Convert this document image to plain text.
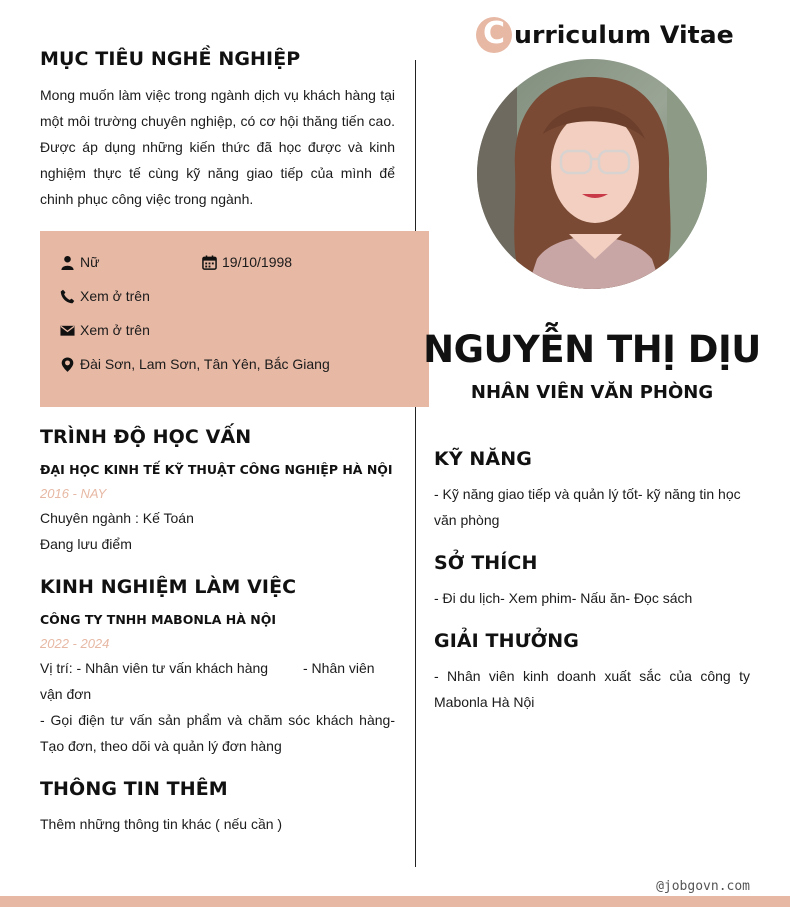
C urriculum Vitae
MỤC TIÊU NGHỀ NGHIỆP
Mong muốn làm việc trong ngành dịch vụ khách hàng tại một môi trường chuyên nghiệp, có cơ hội thăng tiến cao. Được áp dụng những kiến thức đã học được và kinh nghiệm thực tế cùng kỹ năng giao tiếp của mình để chinh phục công việc trong ngành.
Nữ	19/10/1998
Xem ở trên
Xem ở trên
Đài Sơn, Lam Sơn, Tân Yên, Bắc Giang	NGUYỄN THỊ DỊU
NHÂN VIÊN VĂN PHÒNG
TRÌNH ĐỘ HỌC VẤN
ĐẠI HỌC KINH TẾ KỸ THUẬT CÔNG NGHIỆP HÀ NỘI
2016 - NAY
Chuyên ngành : Kế Toán
Đang lưu điểm
KINH NGHIỆM LÀM VIỆC
CÔNG TY TNHH MABONLA HÀ NỘI
2022 - 2024
Vị trí: - Nhân viên tư vấn khách hàng - Nhân viên
vận đơn
- Gọi điện tư vấn sản phẩm và chăm sóc khách hàng- Tạo đơn, theo dõi và quản lý đơn hàng
THÔNG TIN THÊM
Thêm những thông tin khác ( nếu cần )
KỸ NĂNG
- Kỹ năng giao tiếp và quản lý tốt- kỹ năng tin học văn phòng
SỞ THÍCH
- Đi du lịch- Xem phim- Nấu ăn- Đọc sách
GIẢI THƯỞNG
- Nhân viên kinh doanh xuất sắc của công ty Mabonla Hà Nội
@jobgovn.com
